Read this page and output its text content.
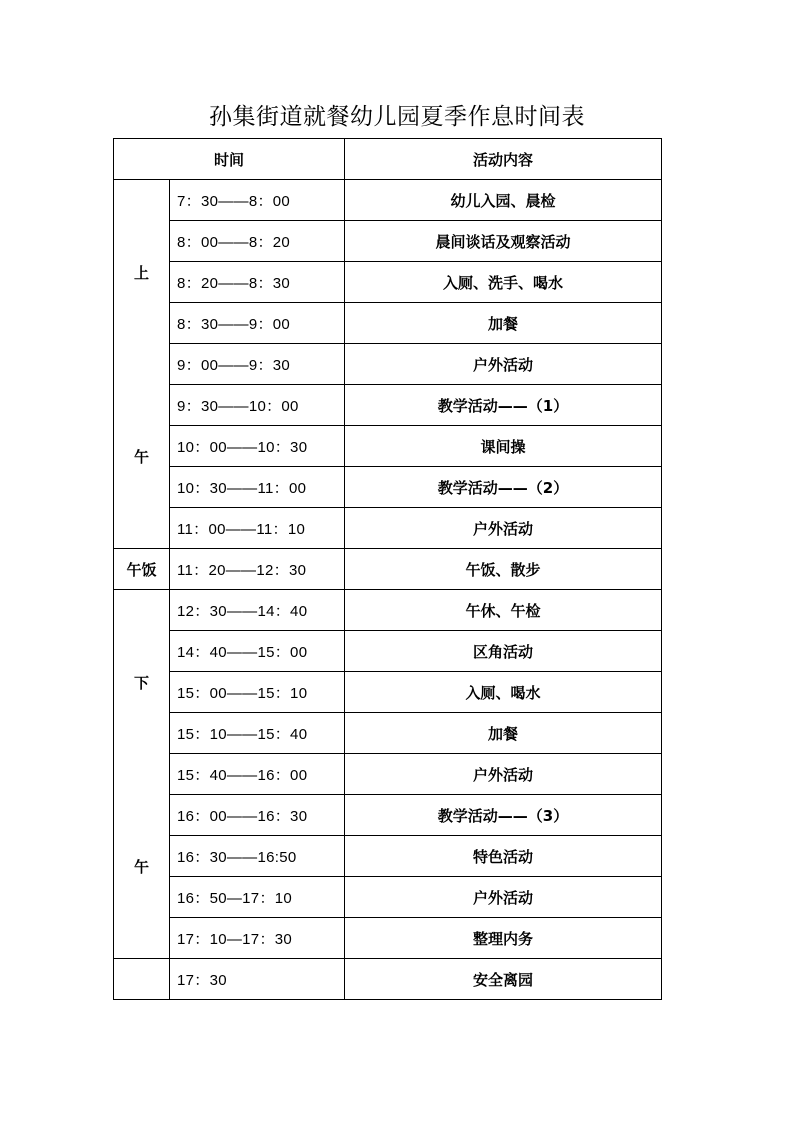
孙集街道就餐幼儿园夏季作息时间表
时间		活动内容

上
午	7：30——8：00	幼儿入园、晨检
	8：00——8：20	晨间谈话及观察活动
	8：20——8：30	入厕、洗手、喝水
	8：30——9：00	加餐
	9：00——9：30	户外活动
	9：30——10：00	教学活动——（1）
	10：00——10：30	课间操
	10：30——11：00	教学活动——（2）
	11：00——11：10	户外活动
午饭	11：20——12：30	午饭、散步

下
午	12：30——14：40	午休、午检
	14：40——15：00	区角活动
	15：00——15：10	入厕、喝水
	15：10——15：40	加餐
	15：40——16：00	户外活动
	16：00——16：30	教学活动——（3）
	16：30——16:50	特色活动
	16：50—17：10	户外活动
	17：10—17：30	整理内务
	17：30	安全离园
